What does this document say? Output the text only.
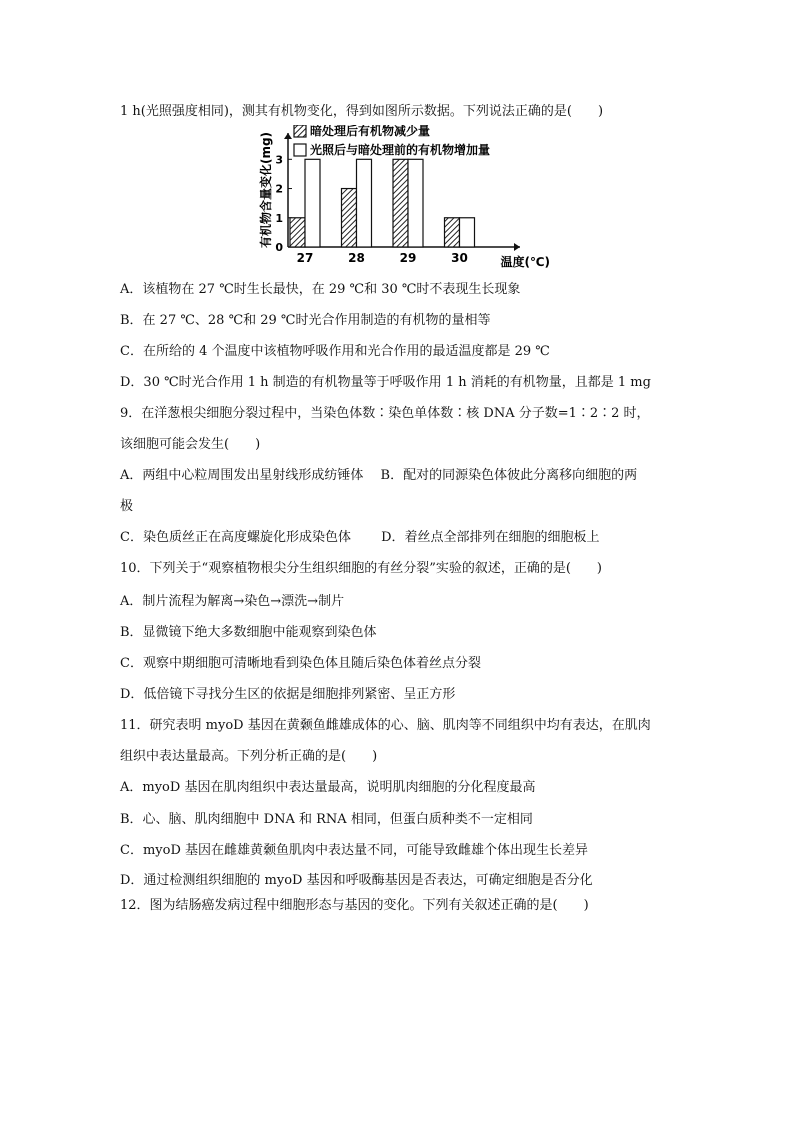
1 h(光照强度相同)，测其有机物变化，得到如图所示数据。下列说法正确的是(　　)
1
2
3
0
有机物含量变化(mg)
27	28	29	30	温度(℃)
暗处理后有机物减少量
光照后与暗处理前的有机物增加量
A．该植物在 27 ℃时生长最快，在 29 ℃和 30 ℃时不表现生长现象
B．在 27 ℃、28 ℃和 29 ℃时光合作用制造的有机物的量相等
C．在所给的 4 个温度中该植物呼吸作用和光合作用的最适温度都是 29 ℃
D．30 ℃时光合作用 1 h 制造的有机物量等于呼吸作用 1 h 消耗的有机物量，且都是 1 mg
9．在洋葱根尖细胞分裂过程中，当染色体数∶染色单体数∶核 DNA 分子数=1∶2∶2 时，
该细胞可能会发生(　　)
A．两组中心粒周围发出星射线形成纺锤体　 B．配对的同源染色体彼此分离移向细胞的两
极
C．染色质丝正在高度螺旋化形成染色体　　 D．着丝点全部排列在细胞的细胞板上
10．下列关于“观察植物根尖分生组织细胞的有丝分裂”实验的叙述，正确的是(　　)
A．制片流程为解离→染色→漂洗→制片
B．显微镜下绝大多数细胞中能观察到染色体
C．观察中期细胞可清晰地看到染色体且随后染色体着丝点分裂
D．低倍镜下寻找分生区的依据是细胞排列紧密、呈正方形
11．研究表明 myoD 基因在黄颡鱼雌雄成体的心、脑、肌肉等不同组织中均有表达，在肌肉
组织中表达量最高。下列分析正确的是(　　)
A．myoD 基因在肌肉组织中表达量最高，说明肌肉细胞的分化程度最高
B．心、脑、肌肉细胞中 DNA 和 RNA 相同，但蛋白质种类不一定相同
C．myoD 基因在雌雄黄颡鱼肌肉中表达量不同，可能导致雌雄个体出现生长差异
D．通过检测组织细胞的 myoD 基因和呼吸酶基因是否表达，可确定细胞是否分化
12．图为结肠癌发病过程中细胞形态与基因的变化。下列有关叙述正确的是(　　)
